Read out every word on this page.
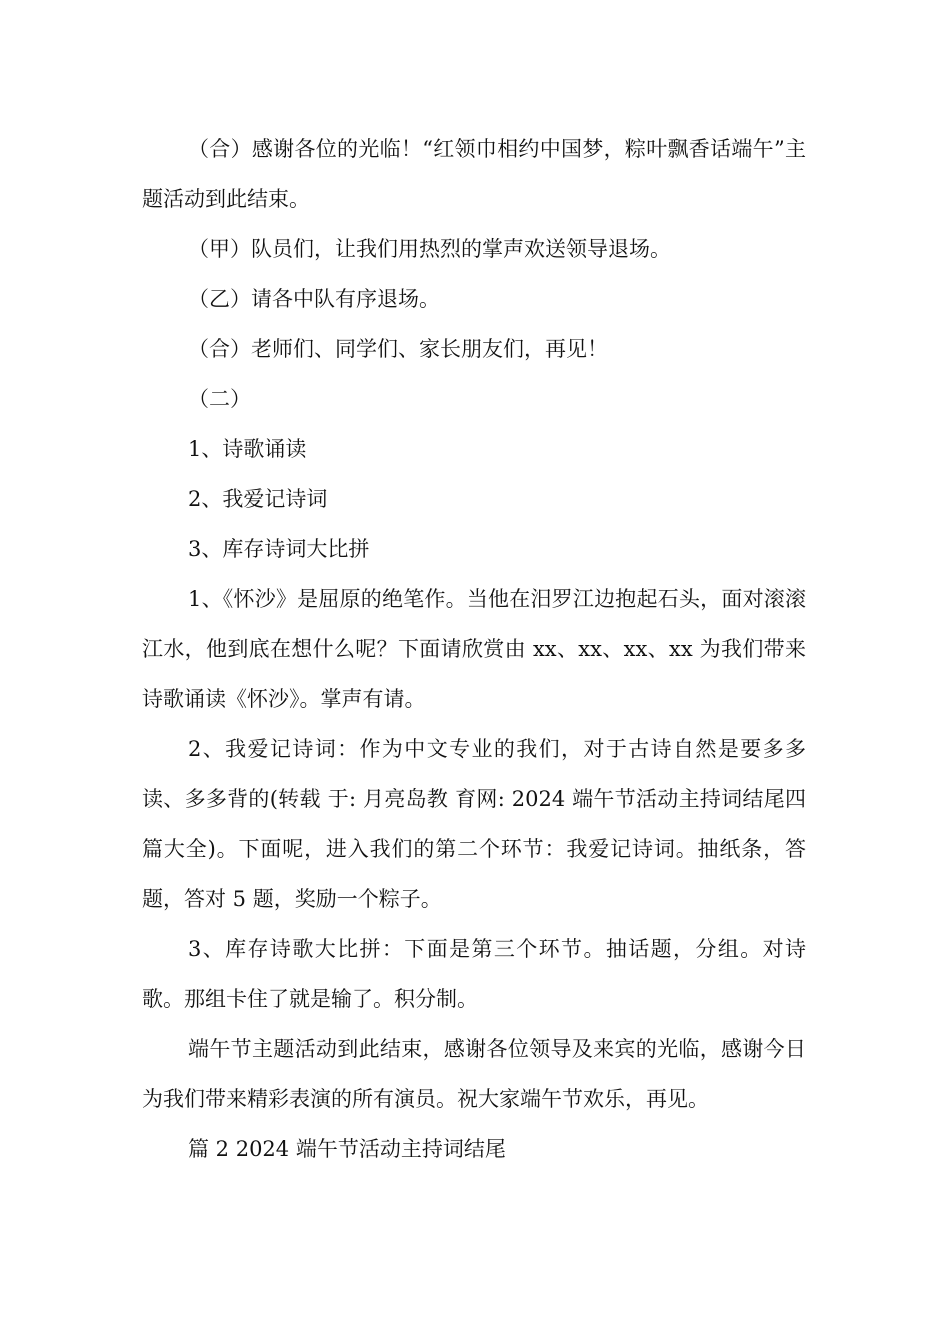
（合）感谢各位的光临！“红领巾相约中国梦，粽叶飘香话端午”主题活动到此结束。

（甲）队员们，让我们用热烈的掌声欢送领导退场。

（乙）请各中队有序退场。

（合）老师们、同学们、家长朋友们，再见！

（二）

1、诗歌诵读

2、我爱记诗词

3、库存诗词大比拼

1、《怀沙》是屈原的绝笔作。当他在汨罗江边抱起石头，面对滚滚江水，他到底在想什么呢？下面请欣赏由 xx、xx、xx、xx 为我们带来诗歌诵读《怀沙》。掌声有请。

2、我爱记诗词：作为中文专业的我们，对于古诗自然是要多多读、多多背的(转载 于: 月亮岛教 育网: 2024 端午节活动主持词结尾四篇大全)。下面呢，进入我们的第二个环节：我爱记诗词。抽纸条，答题，答对 5 题，奖励一个粽子。

3、库存诗歌大比拼：下面是第三个环节。抽话题，分组。对诗歌。那组卡住了就是输了。积分制。

端午节主题活动到此结束，感谢各位领导及来宾的光临，感谢今日为我们带来精彩表演的所有演员。祝大家端午节欢乐，再见。

篇 2 2024 端午节活动主持词结尾
